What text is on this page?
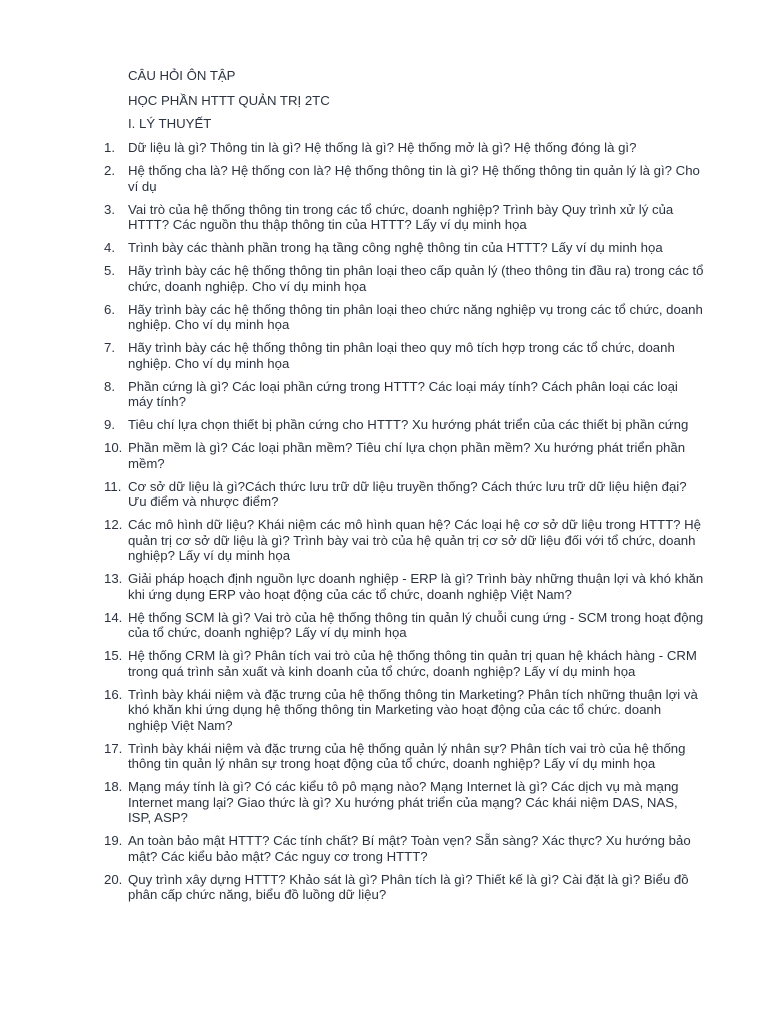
CÂU HỎI ÔN TẬP
HỌC PHẦN HTTT QUẢN TRỊ 2TC
I. LÝ THUYẾT
1. Dữ liệu là gì? Thông tin là gì? Hệ thống là gì? Hệ thống mở là gì? Hệ thống đóng là gì?
2. Hệ thống cha là? Hệ thống con là? Hệ thống thông tin là gì? Hệ thống thông tin quản lý là gì? Cho ví dụ
3. Vai trò của hệ thống thông tin trong các tổ chức, doanh nghiệp? Trình bày Quy trình xử lý của HTTT? Các nguồn thu thập thông tin của HTTT? Lấy ví dụ minh họa
4. Trình bày các thành phần trong hạ tầng công nghệ thông tin của HTTT? Lấy ví dụ minh họa
5. Hãy trình bày các hệ thống thông tin phân loại theo cấp quản lý (theo thông tin đầu ra) trong các tổ chức, doanh nghiệp. Cho ví dụ minh họa
6. Hãy trình bày các hệ thống thông tin phân loại theo chức năng nghiệp vụ trong các tổ chức, doanh nghiệp. Cho ví dụ minh họa
7. Hãy trình bày các hệ thống thông tin phân loại theo quy mô tích hợp trong các tổ chức, doanh nghiệp. Cho ví dụ minh họa
8. Phần cứng là gì? Các loại phần cứng trong HTTT? Các loại máy tính? Cách phân loại các loại máy tính?
9. Tiêu chí lựa chọn thiết bị phần cứng cho HTTT? Xu hướng phát triển của các thiết bị phần cứng
10. Phần mềm là gì? Các loại phần mềm? Tiêu chí lựa chọn phần mềm? Xu hướng phát triển phần mềm?
11. Cơ sở dữ liệu là gì?Cách thức lưu trữ dữ liệu truyền thống? Cách thức lưu trữ dữ liệu hiện đại? Ưu điểm và nhược điểm?
12. Các mô hình dữ liệu? Khái niệm các mô hình quan hệ? Các loại hệ cơ sở dữ liệu trong HTTT? Hệ quản trị cơ sở dữ liệu là gì? Trình bày vai trò của hệ quản trị cơ sở dữ liệu đối với tổ chức, doanh nghiệp? Lấy ví dụ minh họa
13. Giải pháp hoạch định nguồn lực doanh nghiệp - ERP là gì? Trình bày những thuận lợi và khó khăn khi ứng dụng ERP vào hoạt động của các tổ chức, doanh nghiệp Việt Nam?
14. Hệ thống SCM là gì? Vai trò của hệ thống thông tin quản lý chuỗi cung ứng - SCM trong hoạt động của tổ chức, doanh nghiệp? Lấy ví dụ minh họa
15. Hệ thống CRM là gì? Phân tích vai trò của hệ thống thông tin quản trị quan hệ khách hàng - CRM trong quá trình sản xuất và kinh doanh của tổ chức, doanh nghiệp? Lấy ví dụ minh họa
16. Trình bày khái niệm và đặc trưng của hệ thống thông tin Marketing? Phân tích những thuận lợi và khó khăn khi ứng dụng hệ thống thông tin Marketing vào hoạt động của các tổ chức. doanh nghiệp Việt Nam?
17. Trình bày khái niệm và đặc trưng của hệ thống quản lý nhân sự? Phân tích vai trò của hệ thống thông tin quản lý nhân sự trong hoạt động của tổ chức, doanh nghiệp? Lấy ví dụ minh họa
18. Mạng máy tính là gì? Có các kiểu tô pô mạng nào? Mạng Internet là gì? Các dịch vụ mà mạng Internet mang lại? Giao thức là gì? Xu hướng phát triển của mạng? Các khái niệm DAS, NAS, ISP, ASP?
19. An toàn bảo mật HTTT? Các tính chất? Bí mật? Toàn vẹn? Sẵn sàng? Xác thực? Xu hướng bảo mật? Các kiểu bảo mật? Các nguy cơ trong HTTT?
20. Quy trình xây dựng HTTT? Khảo sát là gì? Phân tích là gì? Thiết kế là gì? Cài đặt là gì? Biểu đồ phân cấp chức năng, biểu đồ luồng dữ liệu?
